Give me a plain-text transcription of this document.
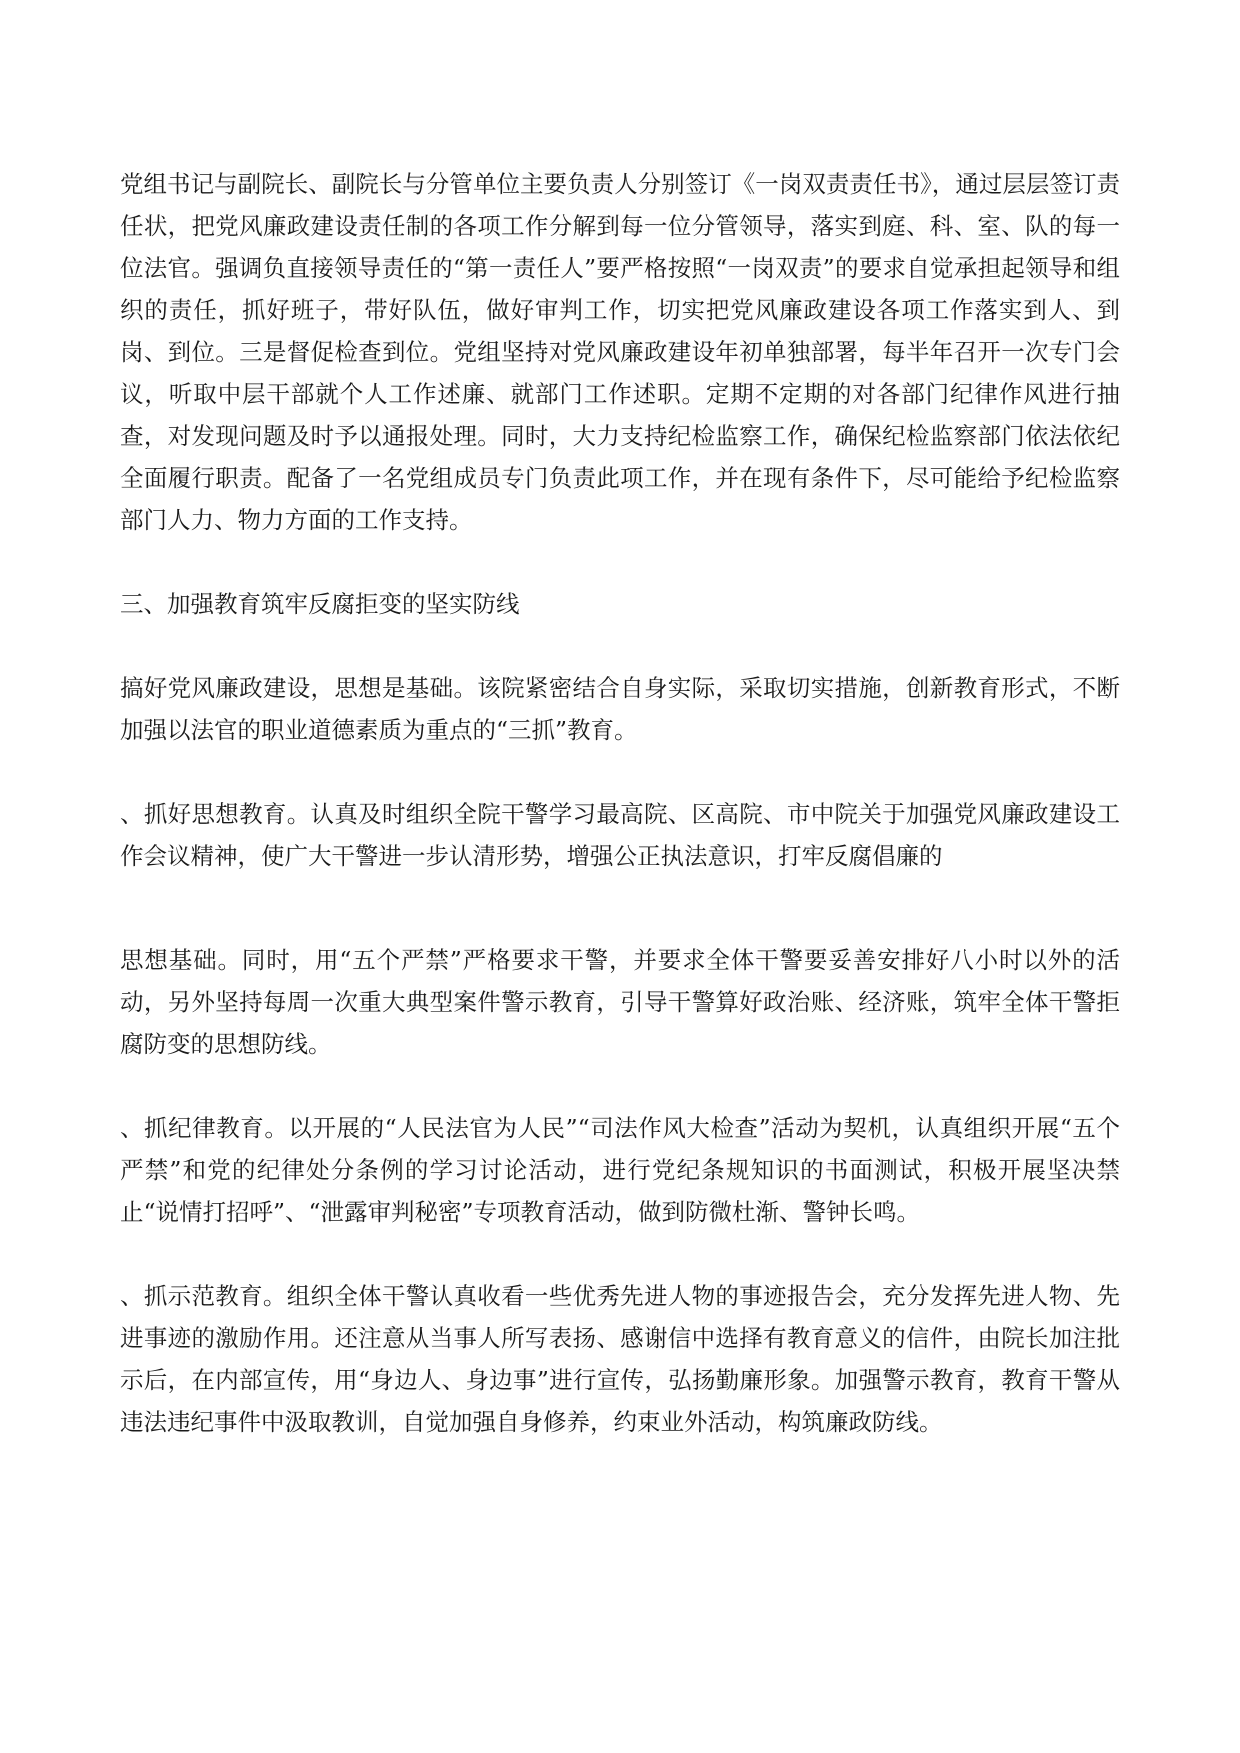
党组书记与副院长、副院长与分管单位主要负责人分别签订《一岗双责责任书》，通过层层签订责任状，把党风廉政建设责任制的各项工作分解到每一位分管领导，落实到庭、科、室、队的每一位法官。强调负直接领导责任的“第一责任人”要严格按照“一岗双责”的要求自觉承担起领导和组织的责任，抓好班子，带好队伍，做好审判工作，切实把党风廉政建设各项工作落实到人、到岗、到位。三是督促检查到位。党组坚持对党风廉政建设年初单独部署，每半年召开一次专门会议，听取中层干部就个人工作述廉、就部门工作述职。定期不定期的对各部门纪律作风进行抽查，对发现问题及时予以通报处理。同时，大力支持纪检监察工作，确保纪检监察部门依法依纪全面履行职责。配备了一名党组成员专门负责此项工作，并在现有条件下，尽可能给予纪检监察部门人力、物力方面的工作支持。

三、加强教育筑牢反腐拒变的坚实防线

搞好党风廉政建设，思想是基础。该院紧密结合自身实际，采取切实措施，创新教育形式，不断加强以法官的职业道德素质为重点的“三抓”教育。

、抓好思想教育。认真及时组织全院干警学习最高院、区高院、市中院关于加强党风廉政建设工作会议精神，使广大干警进一步认清形势，增强公正执法意识，打牢反腐倡廉的

思想基础。同时，用“五个严禁”严格要求干警，并要求全体干警要妥善安排好八小时以外的活动，另外坚持每周一次重大典型案件警示教育，引导干警算好政治账、经济账，筑牢全体干警拒腐防变的思想防线。

、抓纪律教育。以开展的“人民法官为人民”“司法作风大检查”活动为契机，认真组织开展“五个严禁”和党的纪律处分条例的学习讨论活动，进行党纪条规知识的书面测试，积极开展坚决禁止“说情打招呼”、“泄露审判秘密”专项教育活动，做到防微杜渐、警钟长鸣。

、抓示范教育。组织全体干警认真收看一些优秀先进人物的事迹报告会，充分发挥先进人物、先进事迹的激励作用。还注意从当事人所写表扬、感谢信中选择有教育意义的信件，由院长加注批示后，在内部宣传，用“身边人、身边事”进行宣传，弘扬勤廉形象。加强警示教育，教育干警从违法违纪事件中汲取教训，自觉加强自身修养，约束业外活动，构筑廉政防线。
